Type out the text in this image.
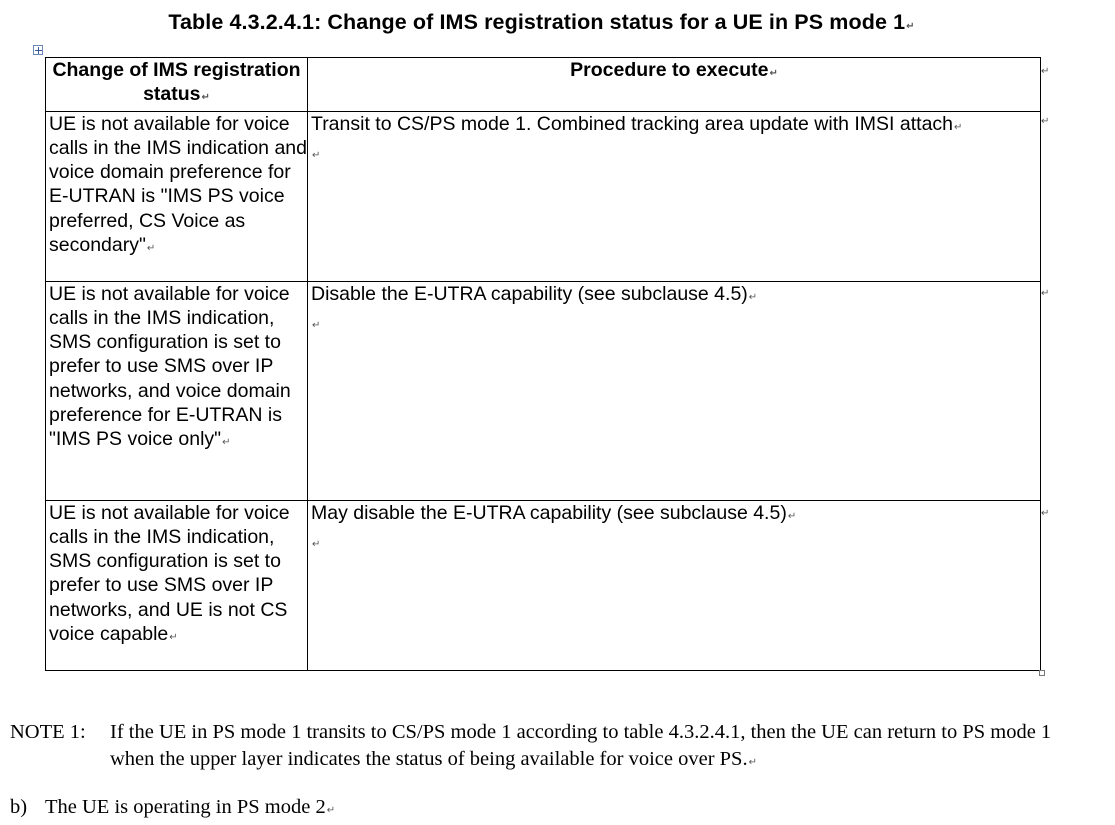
Table 4.3.2.4.1: Change of IMS registration status for a UE in PS mode 1↵
Change of IMS registration status↵	Procedure to execute↵
UE is not available for voice calls in the IMS indication and voice domain preference for E-UTRAN is "IMS PS voice preferred, CS Voice as secondary"↵	Transit to CS/PS mode 1. Combined tracking area update with IMSI attach↵
↵
UE is not available for voice calls in the IMS indication, SMS configuration is set to prefer to use SMS over IP networks, and voice domain preference for E-UTRAN is "IMS PS voice only"↵	Disable the E-UTRA capability (see subclause 4.5)↵
↵
UE is not available for voice calls in the IMS indication, SMS configuration is set to prefer to use SMS over IP networks, and UE is not CS voice capable↵	May disable the E-UTRA capability (see subclause 4.5)↵
↵
↵
↵
↵
↵
NOTE 1: If the UE in PS mode 1 transits to CS/PS mode 1 according to table 4.3.2.4.1, then the UE can return to PS mode 1 when the upper layer indicates the status of being available for voice over PS.↵
b) The UE is operating in PS mode 2↵
